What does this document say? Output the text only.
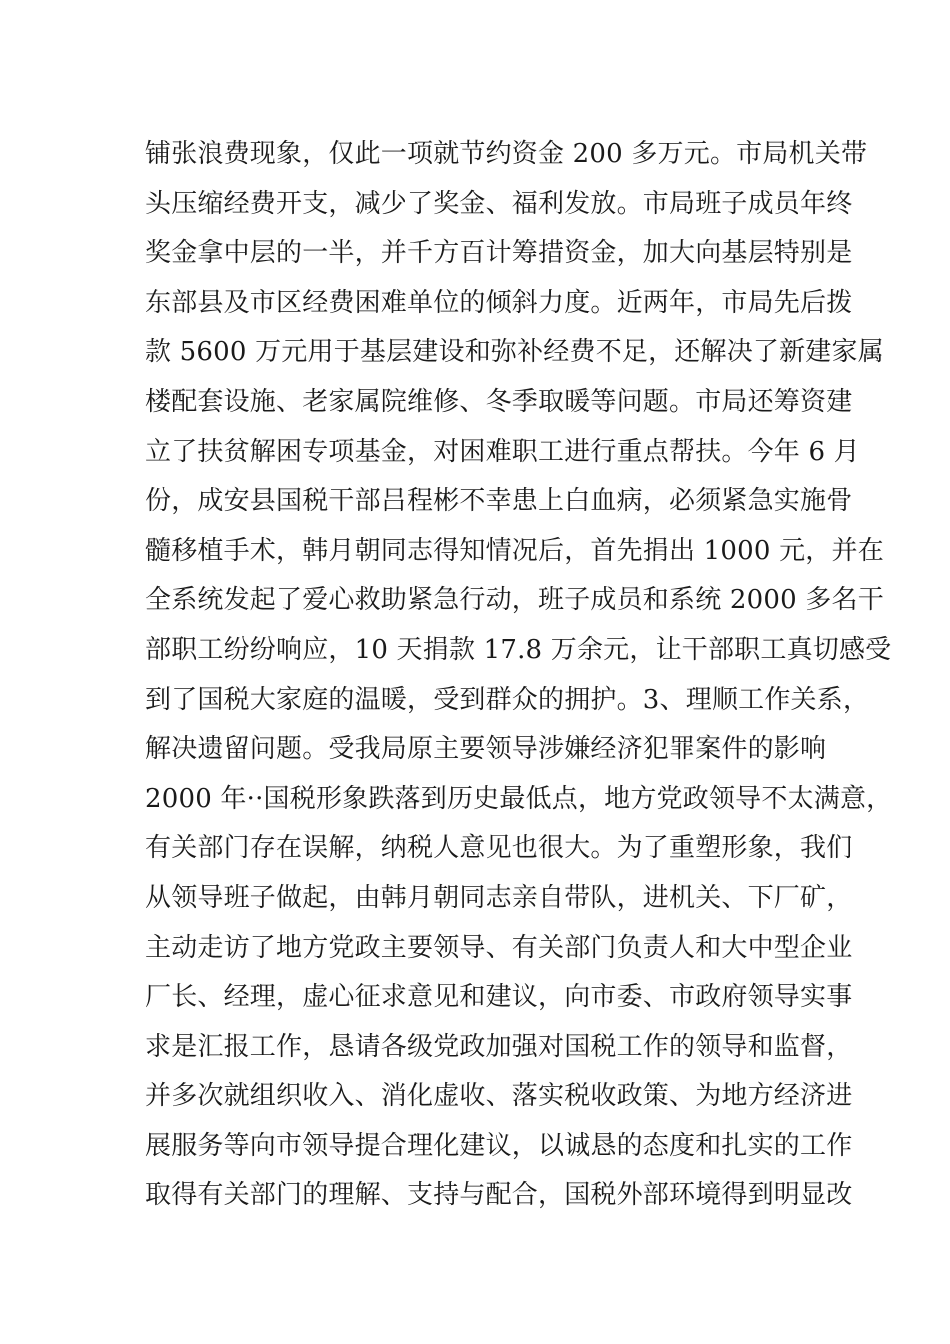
铺张浪费现象，仅此一项就节约资金 200 多万元。市局机关带
头压缩经费开支，减少了奖金、福利发放。市局班子成员年终
奖金拿中层的一半，并千方百计筹措资金，加大向基层特别是
东部县及市区经费困难单位的倾斜力度。近两年，市局先后拨
款 5600 万元用于基层建设和弥补经费不足，还解决了新建家属
楼配套设施、老家属院维修、冬季取暖等问题。市局还筹资建
立了扶贫解困专项基金，对困难职工进行重点帮扶。今年 6 月
份，成安县国税干部吕程彬不幸患上白血病，必须紧急实施骨
髓移植手术，韩月朝同志得知情况后，首先捐出 1000 元，并在
全系统发起了爱心救助紧急行动，班子成员和系统 2000 多名干
部职工纷纷响应，10 天捐款 17.8 万余元，让干部职工真切感受
到了国税大家庭的温暖，受到群众的拥护。3、理顺工作关系，
解决遗留问题。受我局原主要领导涉嫌经济犯罪案件的影响
2000 年··国税形象跌落到历史最低点，地方党政领导不太满意，
有关部门存在误解，纳税人意见也很大。为了重塑形象，我们
从领导班子做起，由韩月朝同志亲自带队，进机关、下厂矿，
主动走访了地方党政主要领导、有关部门负责人和大中型企业
厂长、经理，虚心征求意见和建议，向市委、市政府领导实事
求是汇报工作，恳请各级党政加强对国税工作的领导和监督，
并多次就组织收入、消化虚收、落实税收政策、为地方经济进
展服务等向市领导提合理化建议，以诚恳的态度和扎实的工作
取得有关部门的理解、支持与配合，国税外部环境得到明显改
